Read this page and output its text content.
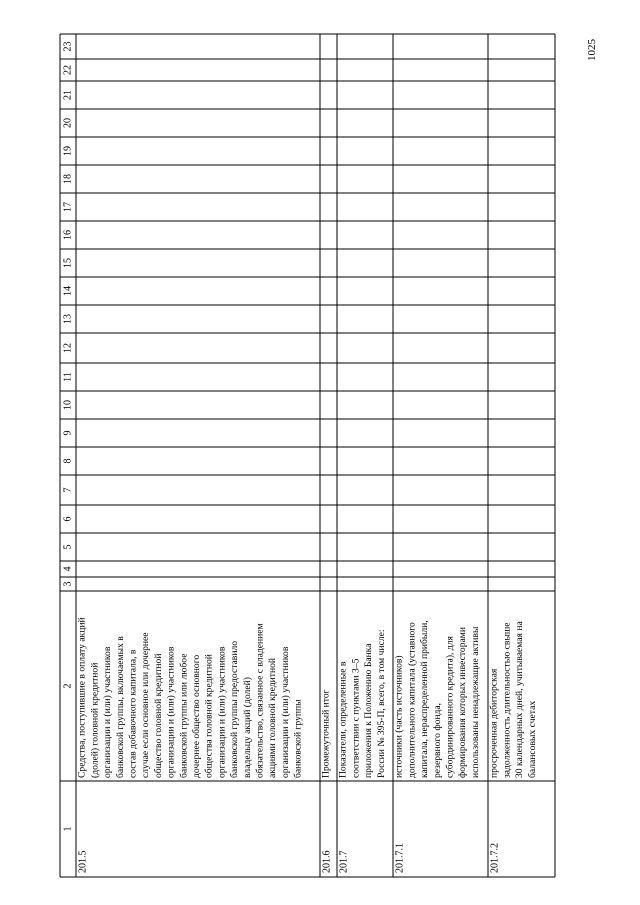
1025
1
2
3
4
5
6
7
8
9
10
11
12
13
14
15
16
17
18
19
20
21
22
23
201.5
Средства, поступившие в оплату акций (долей) головной кредитной организации и (или) участников банковской группы, включаемых в состав добавочного капитала, в случае если основное или дочернее общество головной кредитной организации и (или) участников банковской группы или любое дочернее общество основного общества головной кредитной организации и (или) участников банковской группы предоставило владельцу акций (долей) обязательство, связанное с владением акциями головной кредитной организации и (или) участников банковской группы
201.6
Промежуточный итог
201.7
Показатели, определенные в соответствии с пунктами 3–5 приложения к Положению Банка России № 395-П, всего, в том числе:
201.7.1
источники (часть источников) дополнительного капитала (уставного капитала, нераспределенной прибыли, резервного фонда, субординированного кредита), для формирования которых инвесторами использованы ненадлежащие активы
201.7.2
просроченная дебиторская задолженность длительностью свыше 30 календарных дней, учитываемая на балансовых счетах
